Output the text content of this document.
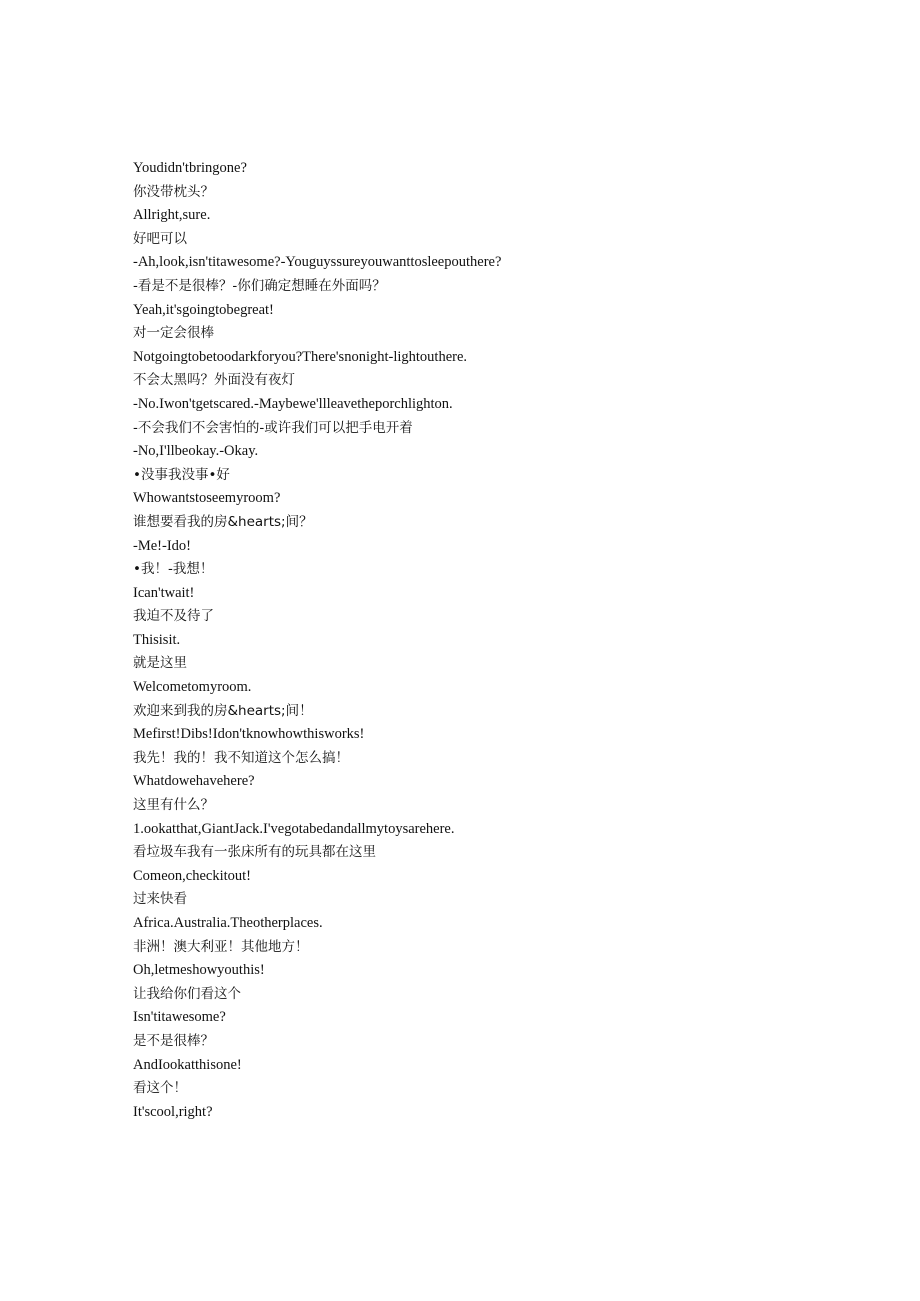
Youdidn'tbringone?
你没带枕头？
Allright,sure.
好吧可以
-Ah,look,isn'titawesome?-Youguyssureyouwanttosleepouthere?
-看是不是很棒？-你们确定想睡在外面吗？
Yeah,it'sgoingtobegreat!
对一定会很棒
Notgoingtobetoodarkforyou?There'snonight-lightouthere.
不会太黑吗？外面没有夜灯
-No.Iwon'tgetscared.-Maybewe'llleavetheporchlighton.
-不会我们不会害怕的-或许我们可以把手电开着
-No,I'llbeokay.-Okay.
•没事我没事•好
Whowantstoseemyroom?
谁想要看我的房&hearts;间？
-Me!-Ido!
•我！-我想！
Ican'twait!
我迫不及待了
Thisisit.
就是这里
Welcometomyroom.
欢迎来到我的房&hearts;间！
Mefirst!Dibs!Idon'tknowhowthisworks!
我先！我的！我不知道这个怎么搞！
Whatdowehavehere?
这里有什么？
1.ookatthat,GiantJack.I'vegotabedandallmytoysarehere.
看垃圾车我有一张床所有的玩具都在这里
Comeon,checkitout!
过来快看
Africa.Australia.Theotherplaces.
非洲！澳大利亚！其他地方！
Oh,letmeshowyouthis!
让我给你们看这个
Isn'titawesome?
是不是很棒？
AndIookatthisone!
看这个！
It'scool,right?
